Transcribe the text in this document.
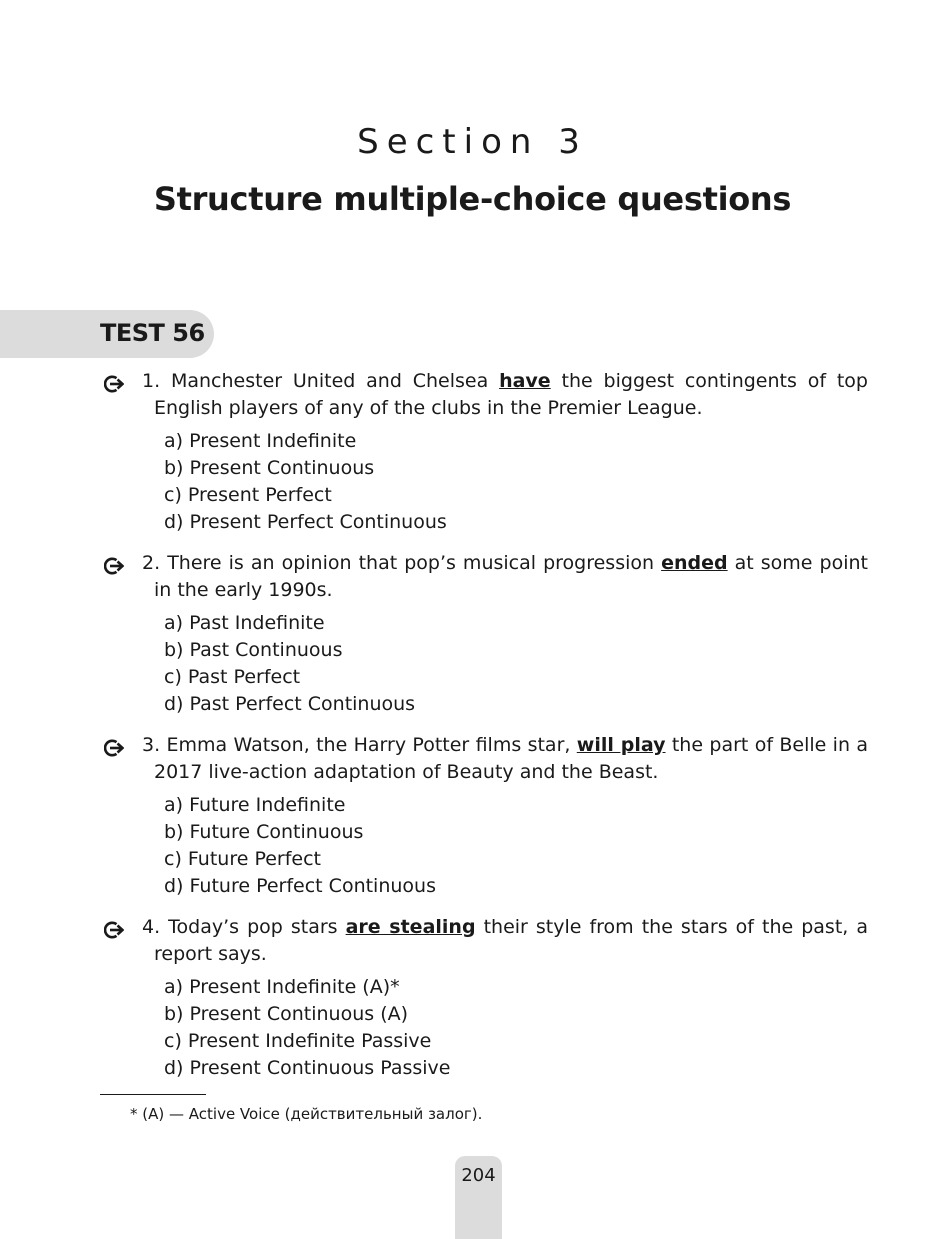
Section 3
Structure multiple-choice questions
TEST 56
1. Manchester United and Chelsea have the biggest contingents of top English players of any of the clubs in the Premier League.
a) Present Indefinite
b) Present Continuous
c) Present Perfect
d) Present Perfect Continuous
2. There is an opinion that pop’s musical progression ended at some point in the early 1990s.
a) Past Indefinite
b) Past Continuous
c) Past Perfect
d) Past Perfect Continuous
3. Emma Watson, the Harry Potter films star, will play the part of Belle in a 2017 live-action adaptation of Beauty and the Beast.
a) Future Indefinite
b) Future Continuous
c) Future Perfect
d) Future Perfect Continuous
4. Today’s pop stars are stealing their style from the stars of the past, a report says.
a) Present Indefinite (A)*
b) Present Continuous (A)
c) Present Indefinite Passive
d) Present Continuous Passive
* (A) — Active Voice (действительный залог).
204
